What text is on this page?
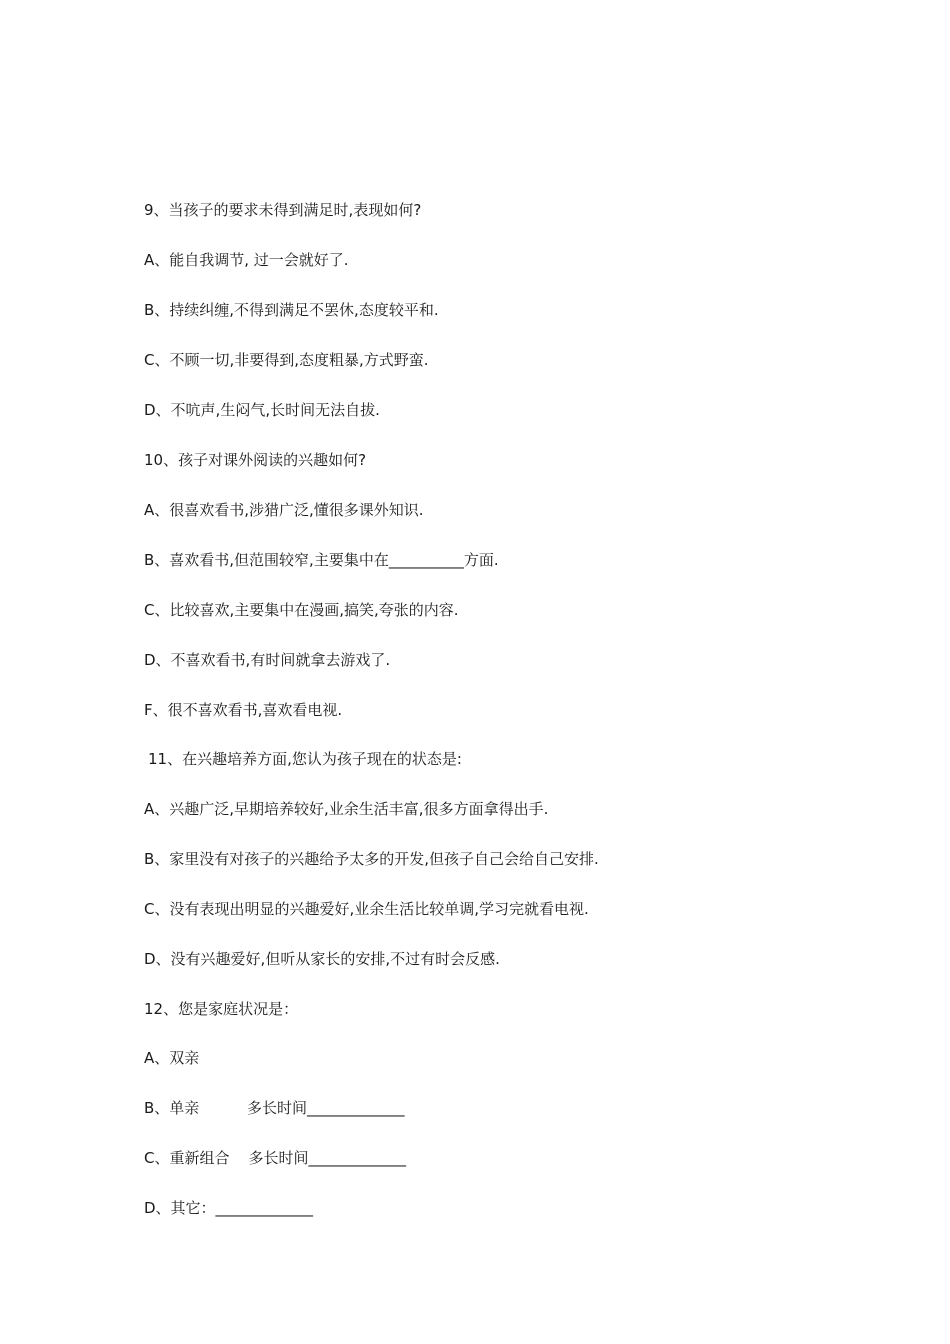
9、当孩子的要求未得到满足时,表现如何?
A、能自我调节, 过一会就好了.
B、持续纠缠,不得到满足不罢休,态度较平和.
C、不顾一切,非要得到,态度粗暴,方式野蛮.
D、不吭声,生闷气,长时间无法自拔.
10、孩子对课外阅读的兴趣如何?
A、很喜欢看书,涉猎广泛,懂很多课外知识.
B、喜欢看书,但范围较窄,主要集中在__________方面.
C、比较喜欢,主要集中在漫画,搞笑,夸张的内容.
D、不喜欢看书,有时间就拿去游戏了.
F、很不喜欢看书,喜欢看电视.
11、在兴趣培养方面,您认为孩子现在的状态是:
A、兴趣广泛,早期培养较好,业余生活丰富,很多方面拿得出手.
B、家里没有对孩子的兴趣给予太多的开发,但孩子自己会给自己安排.
C、没有表现出明显的兴趣爱好,业余生活比较单调,学习完就看电视.
D、没有兴趣爱好,但听从家长的安排,不过有时会反感.
12、您是家庭状况是：
A、双亲
B、单亲          多长时间_____________
C、重新组合    多长时间_____________
D、其它：_____________
